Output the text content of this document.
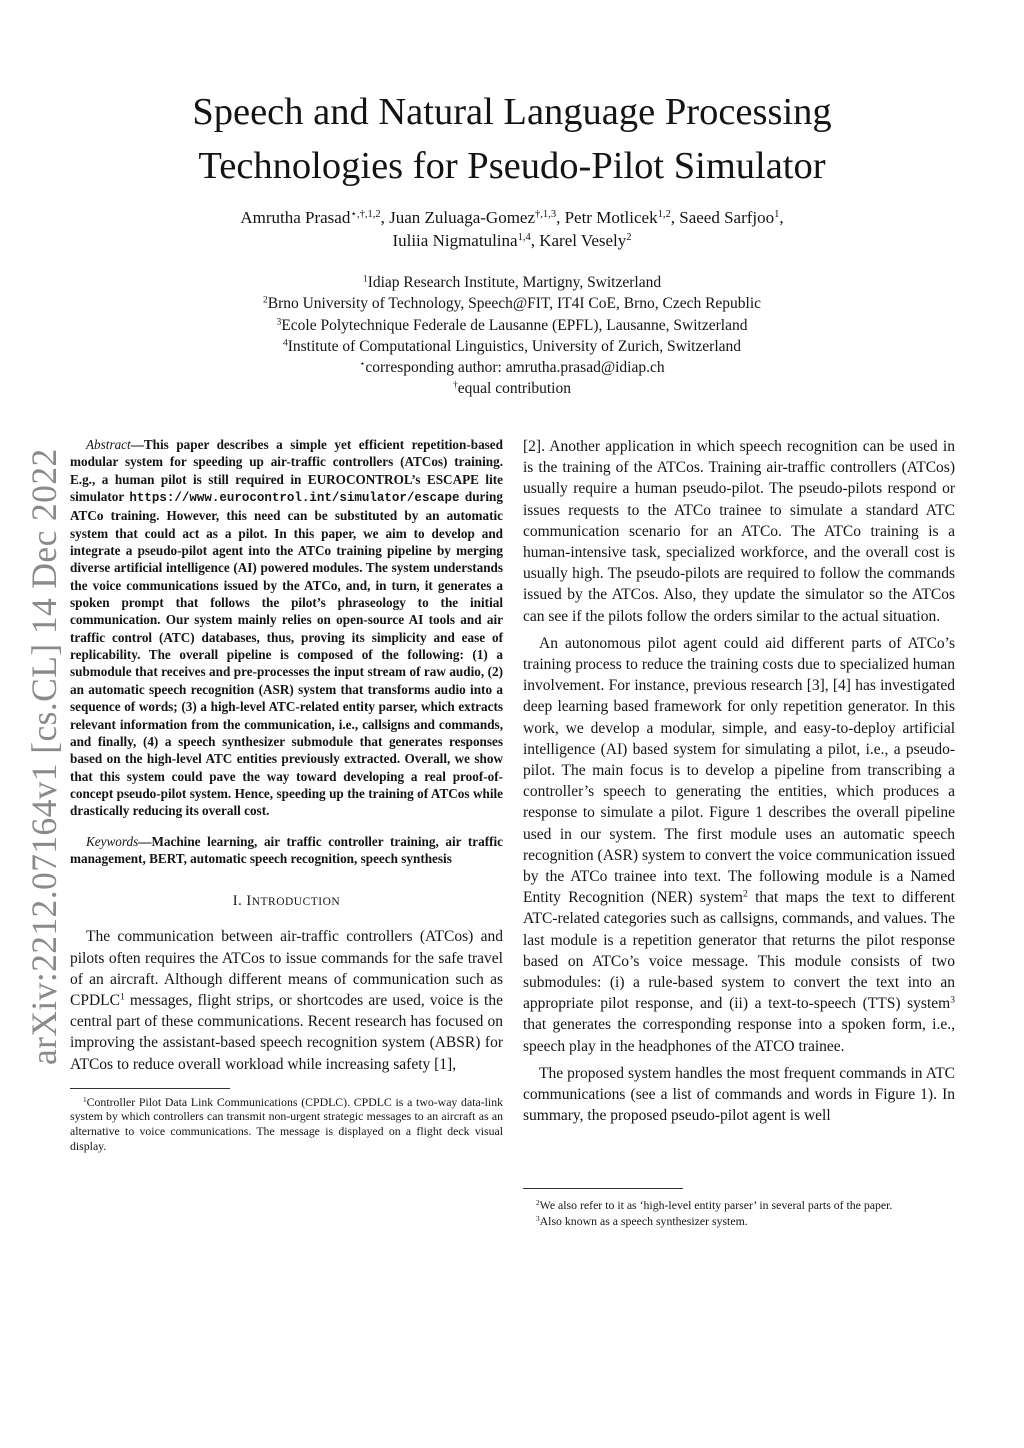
Speech and Natural Language Processing
Technologies for Pseudo-Pilot Simulator
Amrutha Prasad$^{⋆,\dagger,1,2}$, Juan Zuluaga-Gomez$^{\dagger,1,3}$, Petr Motlicek$^{1,2}$, Saeed Sarfjoo$^1$,
Iuliia Nigmatulina$^{1,4}$, Karel Vesely$^2$
$^1$Idiap Research Institute, Martigny, Switzerland
$^2$Brno University of Technology, Speech@FIT, IT4I CoE, Brno, Czech Republic
$^3$Ecole Polytechnique Federale de Lausanne (EPFL), Lausanne, Switzerland
$^4$Institute of Computational Linguistics, University of Zurich, Switzerland
⋆corresponding author: amrutha.prasad@idiap.ch
†equal contribution
arXiv:2212.07164v1 [cs.CL] 14 Dec 2022

Abstract—This paper describes a simple yet efficient repetition-based modular system for speeding up air-traffic controllers (ATCos) training. E.g., a human pilot is still required in EUROCONTROL’s ESCAPE lite simulator https://www.eurocontrol.int/simulator/escape during ATCo training. However, this need can be substituted by an automatic system that could act as a pilot. In this paper, we aim to develop and integrate a pseudo-pilot agent into the ATCo training pipeline by merging diverse artificial intelligence (AI) powered modules. The system understands the voice communications issued by the ATCo, and, in turn, it generates a spoken prompt that follows the pilot’s phraseology to the initial communication. Our system mainly relies on open-source AI tools and air traffic control (ATC) databases, thus, proving its simplicity and ease of replicability. The overall pipeline is composed of the following: (1) a submodule that receives and pre-processes the input stream of raw audio, (2) an automatic speech recognition (ASR) system that transforms audio into a sequence of words; (3) a high-level ATC-related entity parser, which extracts relevant information from the communication, i.e., callsigns and commands, and finally, (4) a speech synthesizer submodule that generates responses based on the high-level ATC entities previously extracted. Overall, we show that this system could pave the way toward developing a real proof-of-concept pseudo-pilot system. Hence, speeding up the training of ATCos while drastically reducing its overall cost.

Keywords—Machine learning, air traffic controller training, air traffic management, BERT, automatic speech recognition, speech synthesis

I. INTRODUCTION

The communication between air-traffic controllers (ATCos) and pilots often requires the ATCos to issue commands for the safe travel of an aircraft. Although different means of communication such as CPDLC$^1$ messages, flight strips, or shortcodes are used, voice is the central part of these communications. Recent research has focused on improving the assistant-based speech recognition system (ABSR) for ATCos to reduce overall workload while increasing safety [1],

$^1$Controller Pilot Data Link Communications (CPDLC). CPDLC is a two-way data-link system by which controllers can transmit non-urgent strategic messages to an aircraft as an alternative to voice communications. The message is displayed on a flight deck visual display.

[2]. Another application in which speech recognition can be used in is the training of the ATCos. Training air-traffic controllers (ATCos) usually require a human pseudo-pilot. The pseudo-pilots respond or issues requests to the ATCo trainee to simulate a standard ATC communication scenario for an ATCo. The ATCo training is a human-intensive task, specialized workforce, and the overall cost is usually high. The pseudo-pilots are required to follow the commands issued by the ATCos. Also, they update the simulator so the ATCos can see if the pilots follow the orders similar to the actual situation.

An autonomous pilot agent could aid different parts of ATCo’s training process to reduce the training costs due to specialized human involvement. For instance, previous research [3], [4] has investigated deep learning based framework for only repetition generator. In this work, we develop a modular, simple, and easy-to-deploy artificial intelligence (AI) based system for simulating a pilot, i.e., a pseudo-pilot. The main focus is to develop a pipeline from transcribing a controller’s speech to generating the entities, which produces a response to simulate a pilot. Figure 1 describes the overall pipeline used in our system. The first module uses an automatic speech recognition (ASR) system to convert the voice communication issued by the ATCo trainee into text. The following module is a Named Entity Recognition (NER) system$^2$ that maps the text to different ATC-related categories such as callsigns, commands, and values. The last module is a repetition generator that returns the pilot response based on ATCo’s voice message. This module consists of two submodules: (i) a rule-based system to convert the text into an appropriate pilot response, and (ii) a text-to-speech (TTS) system$^3$ that generates the corresponding response into a spoken form, i.e., speech play in the headphones of the ATCO trainee.

The proposed system handles the most frequent commands in ATC communications (see a list of commands and words in Figure 1). In summary, the proposed pseudo-pilot agent is well

$^2$We also refer to it as ‘high-level entity parser’ in several parts of the paper.

$^3$Also known as a speech synthesizer system.
